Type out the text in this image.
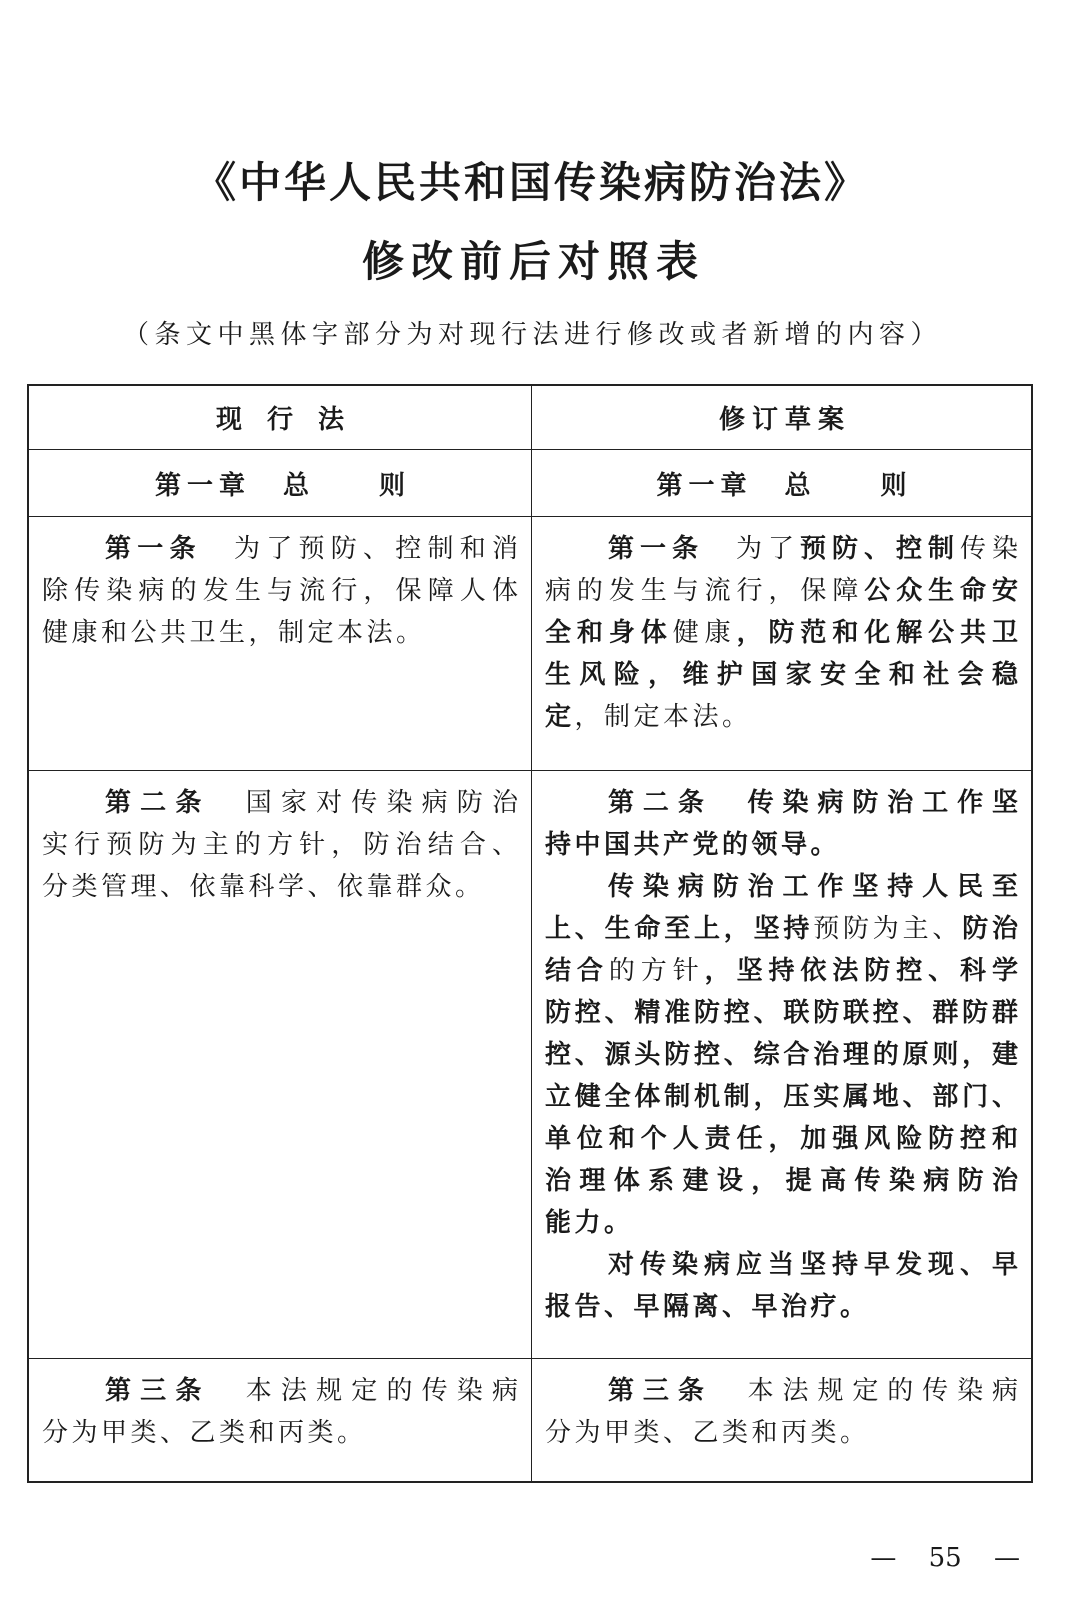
《中华人民共和国传染病防治法》
修改前后对照表
（条文中黑体字部分为对现行法进行修改或者新增的内容）
现 行 法	修订草案
第一章　总　　则	第一章　总　　则
第一条　为了预防、控制和消
除传染病的发生与流行，保障人体
健康和公共卫生，制定本法。
第一条　为了预防、控制传染
病的发生与流行，保障公众生命安
全和身体健康，防范和化解公共卫
生风险，维护国家安全和社会稳
定，制定本法。
第二条　国家对传染病防治
实行预防为主的方针，防治结合、
分类管理、依靠科学、依靠群众。
第二条　传染病防治工作坚
持中国共产党的领导。
传染病防治工作坚持人民至
上、生命至上，坚持预防为主、防治
结合的方针，坚持依法防控、科学
防控、精准防控、联防联控、群防群
控、源头防控、综合治理的原则，建
立健全体制机制，压实属地、部门、
单位和个人责任，加强风险防控和
治理体系建设，提高传染病防治
能力。
对传染病应当坚持早发现、早
报告、早隔离、早治疗。
第三条　本法规定的传染病
分为甲类、乙类和丙类。
第三条　本法规定的传染病
分为甲类、乙类和丙类。
— 55 —
